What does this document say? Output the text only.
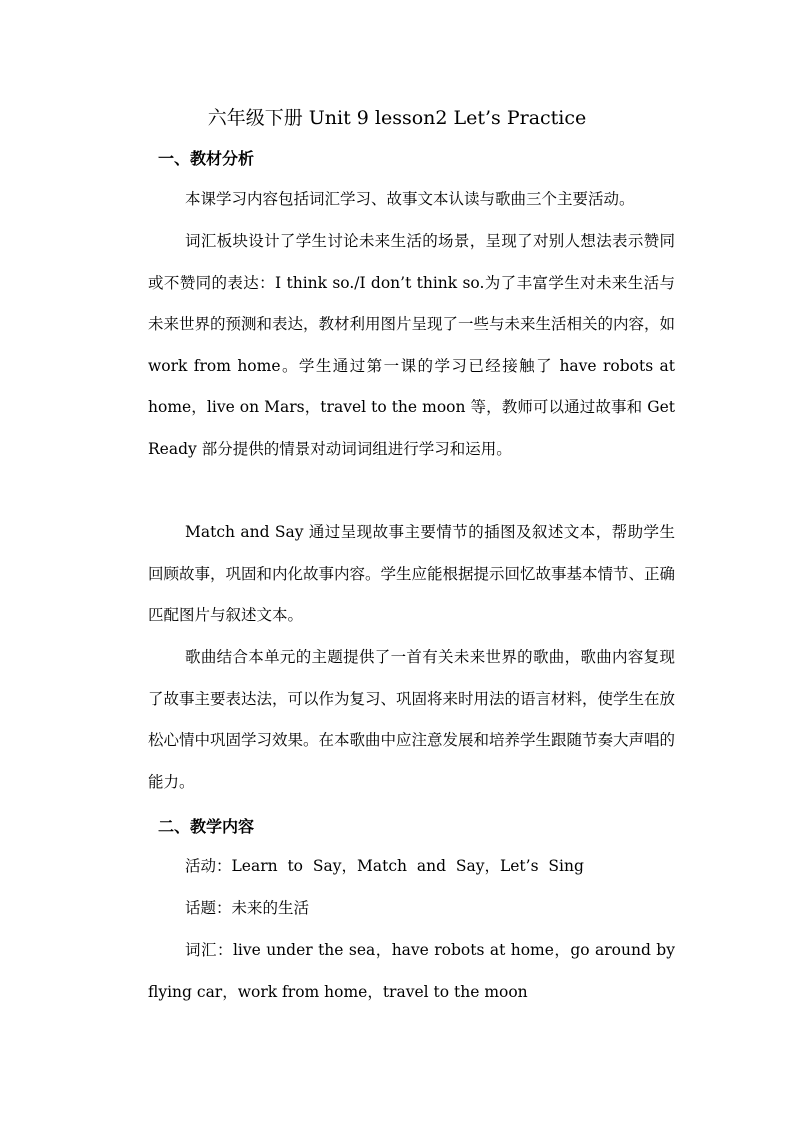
六年级下册 Unit 9 lesson2 Let’s Practice
一、教材分析

本课学习内容包括词汇学习、故事文本认读与歌曲三个主要活动。

词汇板块设计了学生讨论未来生活的场景，呈现了对别人想法表示赞同或不赞同的表达：I think so./I don’t think so.为了丰富学生对未来生活与未来世界的预测和表达，教材利用图片呈现了一些与未来生活相关的内容，如 work from home。学生通过第一课的学习已经接触了 have robots at home，live on Mars，travel to the moon 等，教师可以通过故事和 Get Ready 部分提供的情景对动词词组进行学习和运用。

Match and Say 通过呈现故事主要情节的插图及叙述文本，帮助学生回顾故事，巩固和内化故事内容。学生应能根据提示回忆故事基本情节、正确匹配图片与叙述文本。

歌曲结合本单元的主题提供了一首有关未来世界的歌曲，歌曲内容复现了故事主要表达法，可以作为复习、巩固将来时用法的语言材料，使学生在放松心情中巩固学习效果。在本歌曲中应注意发展和培养学生跟随节奏大声唱的能力。

二、教学内容

活动：Learn  to  Say，Match  and  Say，Let’s  Sing

话题：未来的生活

词汇：live under the sea，have robots at home，go around by flying car，work from home，travel to the moon
